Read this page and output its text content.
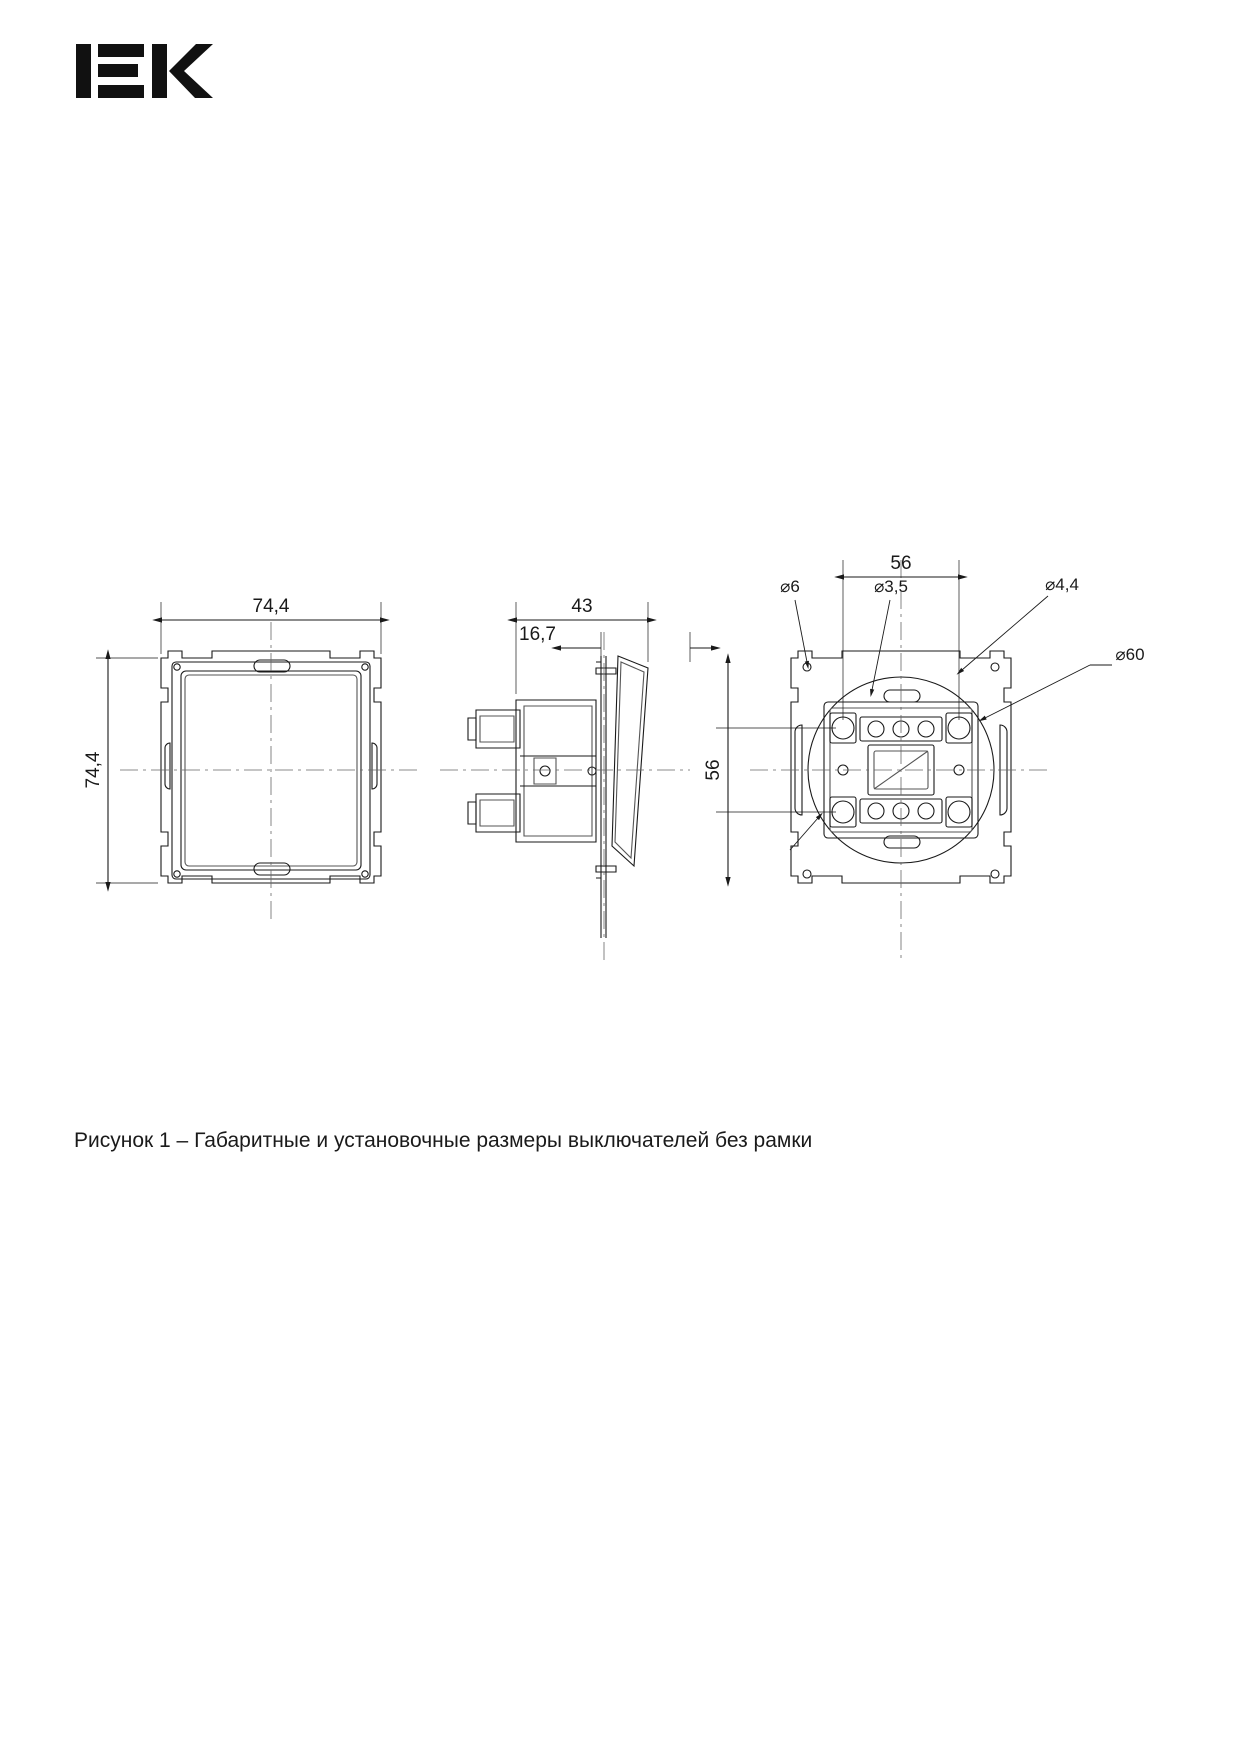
74,4
74,4
43
16,7
56
56
⌀6	⌀3,5	⌀4,4
⌀60
Рисунок 1 – Габаритные и установочные размеры выключателей без рамки
